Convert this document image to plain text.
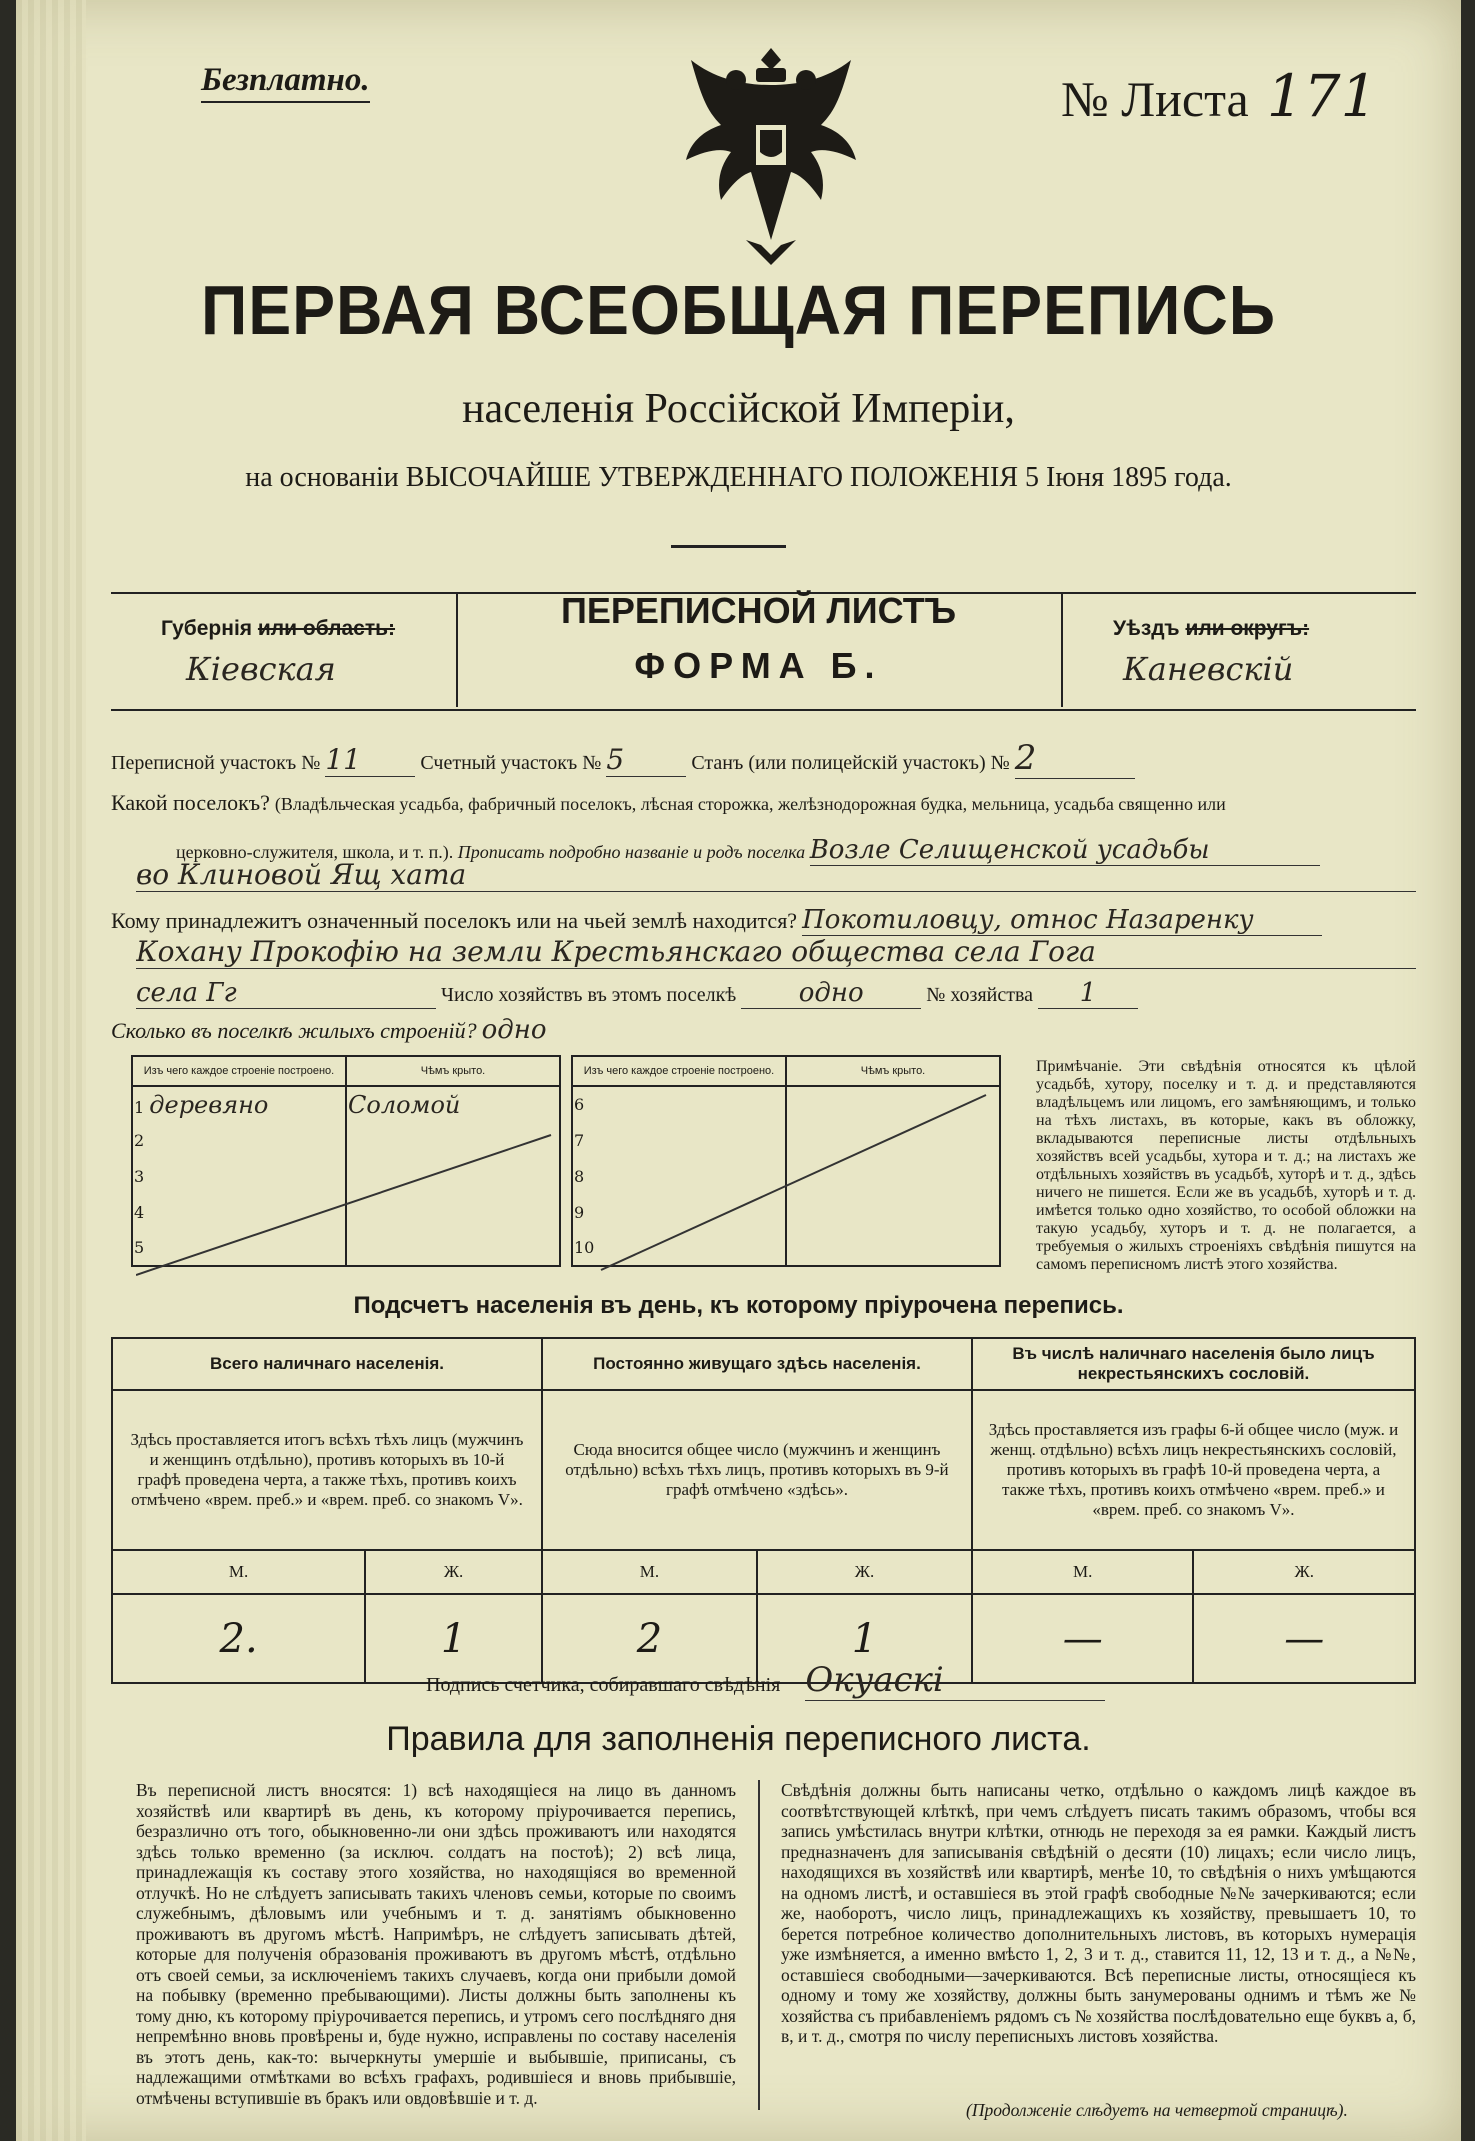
Безплатно.	№ Листа 171
ПЕРВАЯ ВСЕОБЩАЯ ПЕРЕПИСЬ
населенія Россійской Имперіи,
на основаніи ВЫСОЧАЙШЕ УТВЕРЖДЕННАГО ПОЛОЖЕНІЯ 5 Іюня 1895 года.
Губернія или область:
Кіевская
ПЕРЕПИСНОЙ ЛИСТЪ
ФОРМА Б.
Уѣздъ или округъ:
Каневскій
Переписной участокъ № 11	Счетный участокъ № 5	Станъ (или полицейскій участокъ) № 2
Какой поселокъ? (Владѣльческая усадьба, фабричный поселокъ, лѣсная сторожка, желѣзнодорожная будка, мельница, усадьба священно или
церковно-служителя, школа, и т. п.). Прописать подробно названіе и родъ поселка Возле Селищенской усадьбы
во Клиновой Ящ хата
Кому принадлежитъ означенный поселокъ или на чьей землѣ находится? Покотиловцу, относ Назаренку
Кохану Прокофію на земли Крестьянскаго общества села Гога
села Гг	Число хозяйствъ въ этомъ поселкѣ одно	№ хозяйства 1
Сколько въ поселкѣ жилыхъ строеній? одно
Изъ чего каждое строеніе построено.	Чѣмъ крыто.
1 деревяно	Соломой
2	
3	
4	
5	
Изъ чего каждое строеніе построено.	Чѣмъ крыто.
6	
7	
8	
9	
10	
Примѣчаніе. Эти свѣдѣнія относятся къ цѣлой усадьбѣ, хутору, поселку и т. д. и представляются владѣльцемъ или лицомъ, его замѣняющимъ, и только на тѣхъ листахъ, въ которые, какъ въ обложку, вкладываются переписные листы отдѣльныхъ хозяйствъ всей усадьбы, хутора и т. д.; на листахъ же отдѣльныхъ хозяйствъ въ усадьбѣ, хуторѣ и т. д., здѣсь ничего не пишется. Если же въ усадьбѣ, хуторѣ и т. д. имѣется только одно хозяйство, то особой обложки на такую усадьбу, хуторъ и т. д. не полагается, а требуемыя о жилыхъ строеніяхъ свѣдѣнія пишутся на самомъ переписномъ листѣ этого хозяйства.
Подсчетъ населенія въ день, къ которому пріурочена перепись.
Всего наличнаго населенія.		Постоянно живущаго здѣсь населенія.		Въ числѣ наличнаго населенія было лицъ некрестьянскихъ сословій.	
Здѣсь проставляется итогъ всѣхъ тѣхъ лицъ (мужчинъ и женщинъ отдѣльно), противъ которыхъ въ 10-й графѣ проведена черта, а также тѣхъ, противъ коихъ отмѣчено «врем. преб.» и «врем. преб. со знакомъ V».		Сюда вносится общее число (мужчинъ и женщинъ отдѣльно) всѣхъ тѣхъ лицъ, противъ которыхъ въ 9-й графѣ отмѣчено «здѣсь».		Здѣсь проставляется изъ графы 6-й общее число (муж. и женщ. отдѣльно) всѣхъ лицъ некрестьянскихъ сословій, противъ которыхъ въ графѣ 10-й проведена черта, а также тѣхъ, противъ коихъ отмѣчено «врем. преб.» и «врем. преб. со знакомъ V».	
М.	Ж.	М.	Ж.	М.	Ж.
2.	1	2	1	—	—
Подпись счетчика, собиравшаго свѣдѣнія Окуаскі
Правила для заполненія переписного листа.
Въ переписной листъ вносятся: 1) всѣ находящіеся на лицо въ данномъ хозяйствѣ или квартирѣ въ день, къ которому пріурочивается перепись, безразлично отъ того, обыкновенно-ли они здѣсь проживаютъ или находятся здѣсь только временно (за исключ. солдатъ на постоѣ); 2) всѣ лица, принадлежащія къ составу этого хозяйства, но находящіяся во временной отлучкѣ. Но не слѣдуетъ записывать такихъ членовъ семьи, которые по своимъ служебнымъ, дѣловымъ или учебнымъ и т. д. занятіямъ обыкновенно проживаютъ въ другомъ мѣстѣ. Напримѣръ, не слѣдуетъ записывать дѣтей, которые для полученія образованія проживаютъ въ другомъ мѣстѣ, отдѣльно отъ своей семьи, за исключеніемъ такихъ случаевъ, когда они прибыли домой на побывку (временно пребывающими). Листы должны быть заполнены къ тому дню, къ которому пріурочивается перепись, и утромъ сего послѣдняго дня непремѣнно вновь провѣрены и, буде нужно, исправлены по составу населенія въ этотъ день, как-то: вычеркнуты умершіе и выбывшіе, приписаны, съ надлежащими отмѣтками во всѣхъ графахъ, родившіеся и вновь прибывшіе, отмѣчены вступившіе въ бракъ или овдовѣвшіе и т. д.
Свѣдѣнія должны быть написаны четко, отдѣльно о каждомъ лицѣ каждое въ соотвѣтствующей клѣткѣ, при чемъ слѣдуетъ писать такимъ образомъ, чтобы вся запись умѣстилась внутри клѣтки, отнюдь не переходя за ея рамки. Каждый листъ предназначенъ для записыванія свѣдѣній о десяти (10) лицахъ; если число лицъ, находящихся въ хозяйствѣ или квартирѣ, менѣе 10, то свѣдѣнія о нихъ умѣщаются на одномъ листѣ, и оставшіеся въ этой графѣ свободные №№ зачеркиваются; если же, наоборотъ, число лицъ, принадлежащихъ къ хозяйству, превышаетъ 10, то берется потребное количество дополнительныхъ листовъ, въ которыхъ нумерація уже измѣняется, а именно вмѣсто 1, 2, 3 и т. д., ставится 11, 12, 13 и т. д., а №№, оставшіеся свободными—зачеркиваются. Всѣ переписные листы, относящіеся къ одному и тому же хозяйству, должны быть занумерованы однимъ и тѣмъ же № хозяйства съ прибавленіемъ рядомъ съ № хозяйства послѣдовательно еще буквъ а, б, в, и т. д., смотря по числу переписныхъ листовъ хозяйства.
(Продолженіе слѣдуетъ на четвертой страницѣ).
